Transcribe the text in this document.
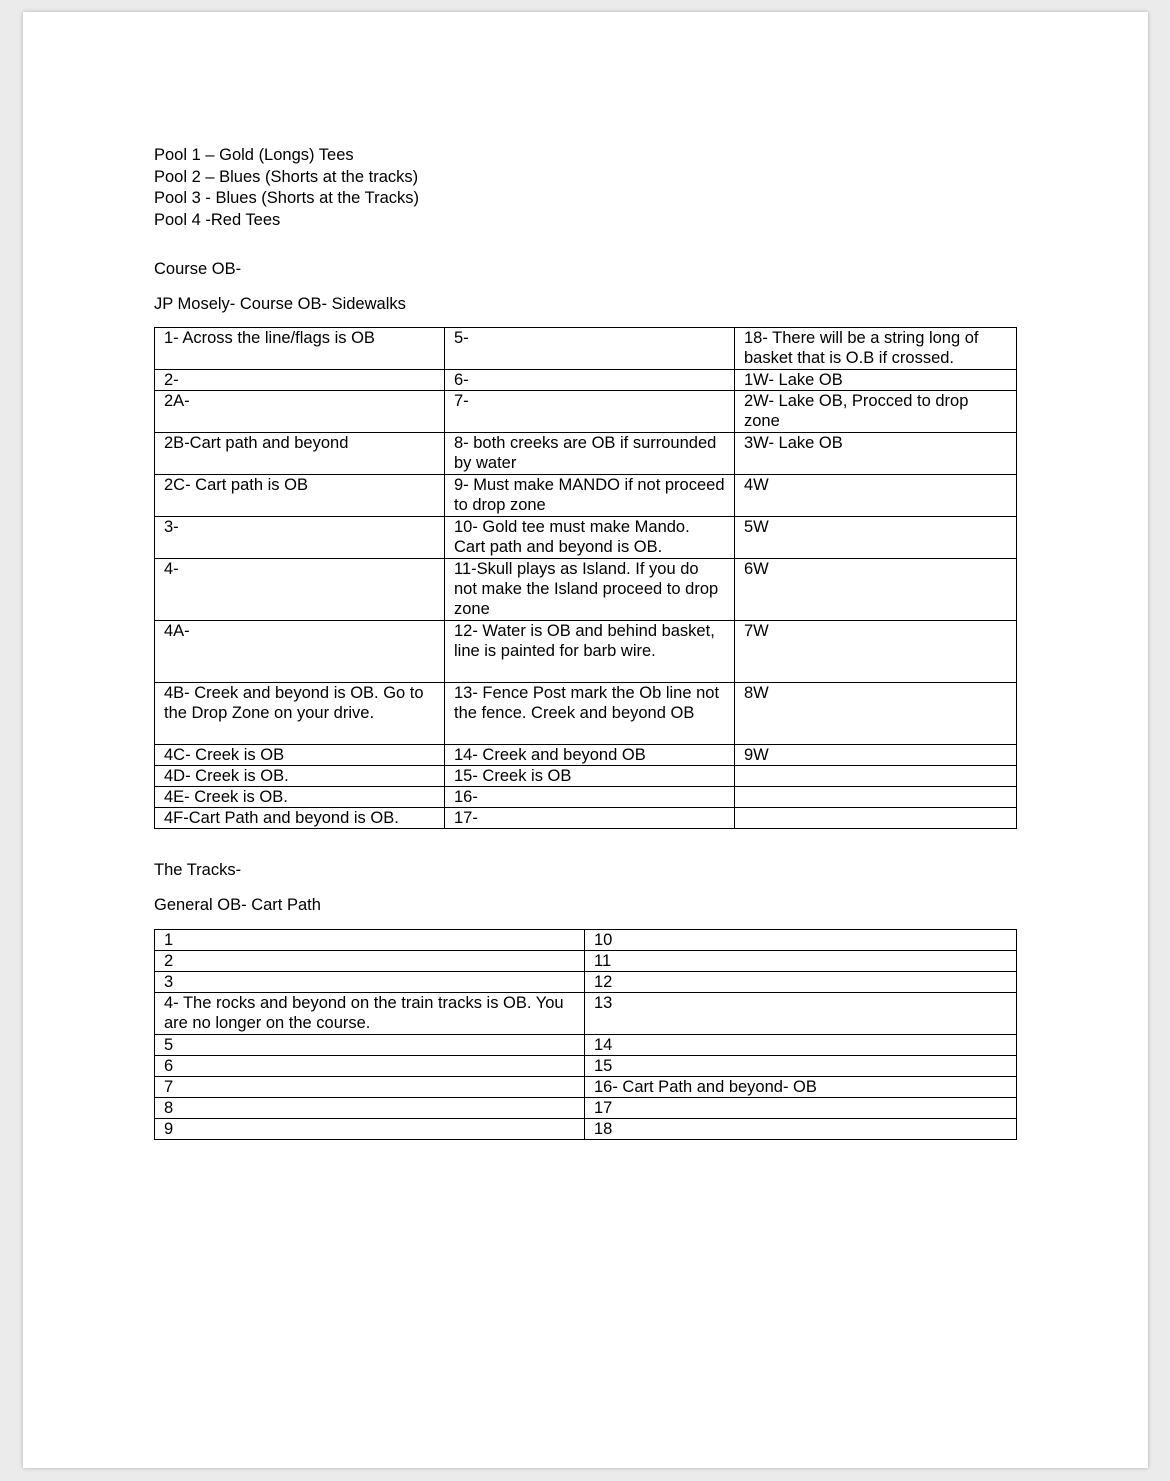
Pool 1 – Gold (Longs) Tees

Pool 2 – Blues (Shorts at the tracks)

Pool 3 - Blues (Shorts at the Tracks)

Pool 4 -Red Tees

Course OB-

JP Mosely- Course OB- Sidewalks

1- Across the line/flags is OB	5-	18- There will be a string long of basket that is O.B if crossed.
2-	6-	1W- Lake OB
2A-	7-	2W- Lake OB, Procced to drop zone
2B-Cart path and beyond	8- both creeks are OB if surrounded by water	3W- Lake OB
2C- Cart path is OB	9- Must make MANDO if not proceed to drop zone	4W
3-	10- Gold tee must make Mando. Cart path and beyond is OB.	5W
4-	11-Skull plays as Island. If you do not make the Island proceed to drop zone	6W
4A-	12- Water is OB and behind basket, line is painted for barb wire.	7W
4B- Creek and beyond is OB. Go to the Drop Zone on your drive.	13- Fence Post mark the Ob line not the fence. Creek and beyond OB	8W
4C- Creek is OB	14- Creek and beyond OB	9W
4D- Creek is OB.	15- Creek is OB	
4E- Creek is OB.	16-	
4F-Cart Path and beyond is OB.	17-	

The Tracks-

General OB- Cart Path

1	10
2	11
3	12
4- The rocks and beyond on the train tracks is OB. You are no longer on the course.	13
5	14
6	15
7	16- Cart Path and beyond- OB
8	17
9	18
